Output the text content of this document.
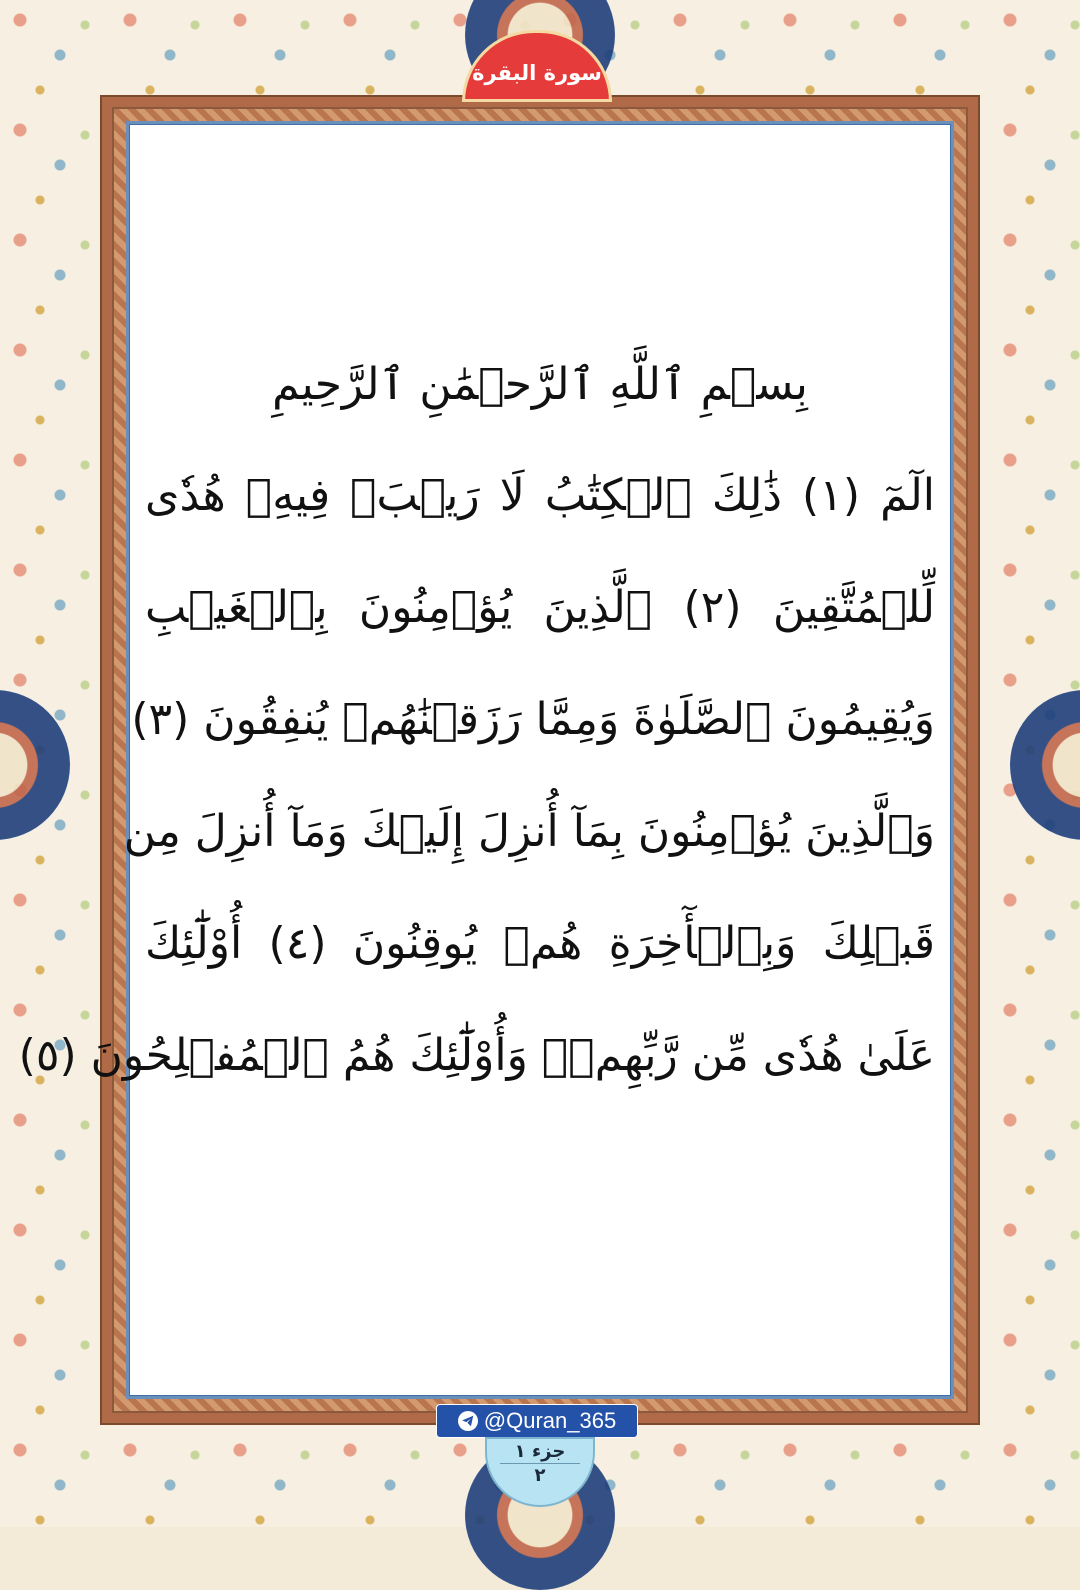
سورة البقرة
بِسۡمِ ٱللَّهِ ٱلرَّحۡمَٰنِ ٱلرَّحِيمِ
الٓمٓ (١) ذَٰلِكَ ٱلۡكِتَٰبُ لَا رَيۡبَۛ فِيهِۛ هُدٗى
لِّلۡمُتَّقِينَ (٢) ٱلَّذِينَ يُؤۡمِنُونَ بِٱلۡغَيۡبِ
وَيُقِيمُونَ ٱلصَّلَوٰةَ وَمِمَّا رَزَقۡنَٰهُمۡ يُنفِقُونَ (٣)
وَٱلَّذِينَ يُؤۡمِنُونَ بِمَآ أُنزِلَ إِلَيۡكَ وَمَآ أُنزِلَ مِن
قَبۡلِكَ وَبِٱلۡأٓخِرَةِ هُمۡ يُوقِنُونَ (٤) أُوْلَٰٓئِكَ
عَلَىٰ هُدٗى مِّن رَّبِّهِمۡۖ وَأُوْلَٰٓئِكَ هُمُ ٱلۡمُفۡلِحُونَ (٥)
@Quran_365
جزء ١
٢
